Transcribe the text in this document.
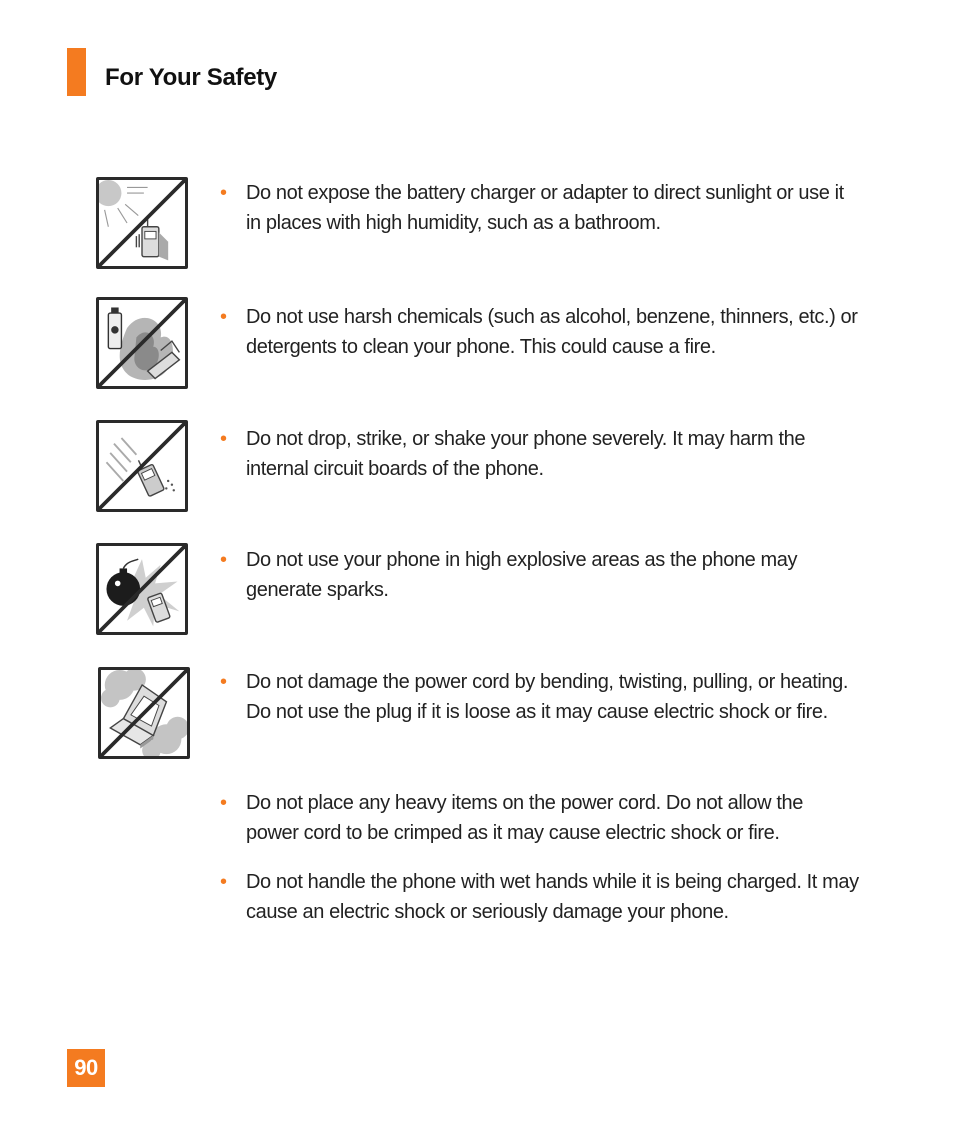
For Your Safety
• Do not expose the battery charger or adapter to direct sunlight or use it in places with high humidity, such as a bathroom.
• Do not use harsh chemicals (such as alcohol, benzene, thinners, etc.) or detergents to clean your phone. This could cause a fire.
• Do not drop, strike, or shake your phone severely. It may harm the internal circuit boards of the phone.
• Do not use your phone in high explosive areas as the phone may generate sparks.
• Do not damage the power cord by bending, twisting, pulling, or heating. Do not use the plug if it is loose as it may cause electric shock or fire.
• Do not place any heavy items on the power cord. Do not allow the power cord to be crimped as it may cause electric shock or fire.
• Do not handle the phone with wet hands while it is being charged. It may cause an electric shock or seriously damage your phone.
90
